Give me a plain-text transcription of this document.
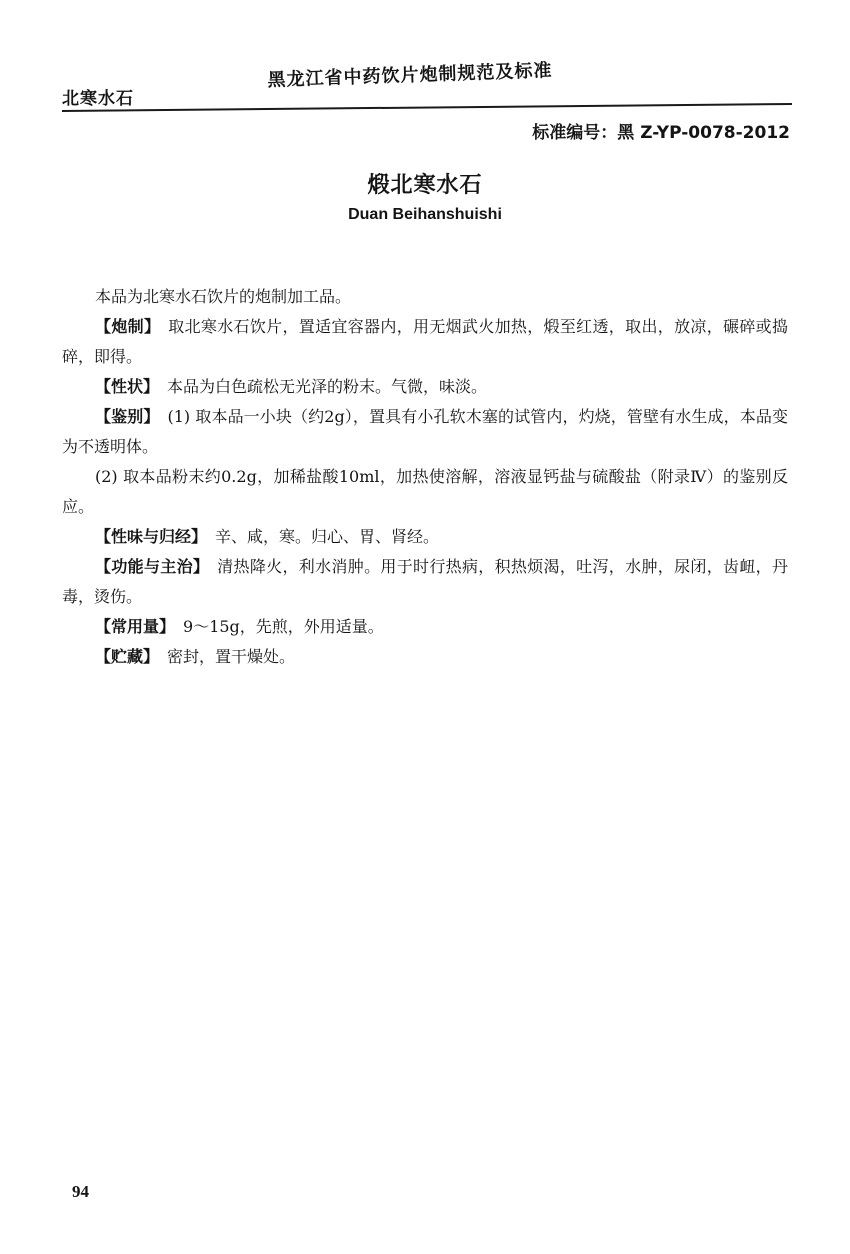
北寒水石
黑龙江省中药饮片炮制规范及标准
标准编号：黑 Z-YP-0078-2012
煅北寒水石
Duan Beihanshuishi

本品为北寒水石饮片的炮制加工品。

【炮制】 取北寒水石饮片，置适宜容器内，用无烟武火加热，煅至红透，取出，放凉，碾碎或捣碎，即得。

【性状】 本品为白色疏松无光泽的粉末。气微，味淡。

【鉴别】 (1) 取本品一小块（约2g），置具有小孔软木塞的试管内，灼烧，管壁有水生成，本品变为不透明体。

(2) 取本品粉末约0.2g，加稀盐酸10ml，加热使溶解，溶液显钙盐与硫酸盐（附录Ⅳ）的鉴别反应。

【性味与归经】 辛、咸，寒。归心、胃、肾经。

【功能与主治】 清热降火，利水消肿。用于时行热病，积热烦渴，吐泻，水肿，尿闭，齿衄，丹毒，烫伤。

【常用量】 9～15g，先煎，外用适量。

【贮藏】 密封，置干燥处。

94
